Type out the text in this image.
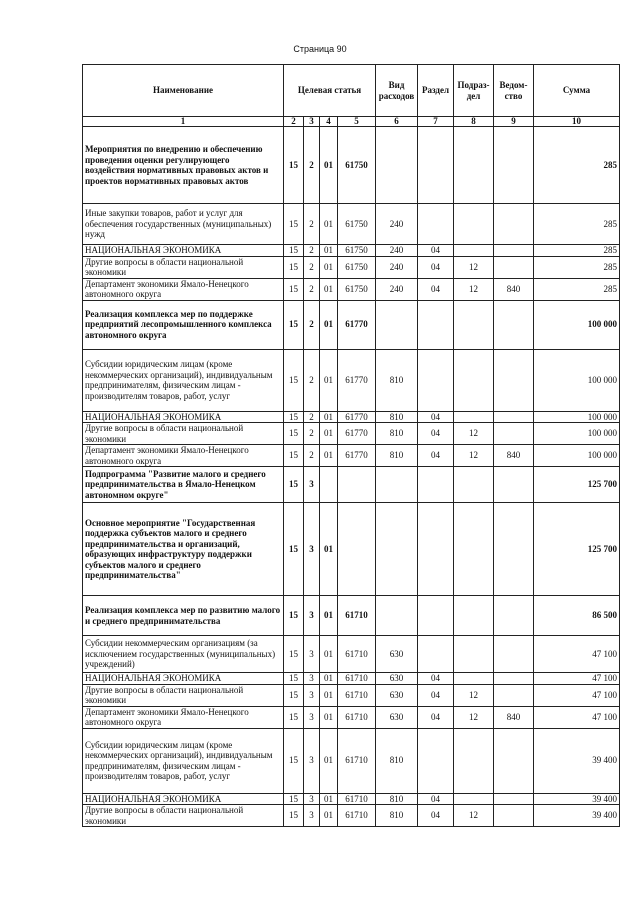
Страница 90
Наименование	Целевая статья				Вид расходов	Раздел	Подраз-дел	Ведом-ство	Сумма
1	2	3	4	5	6	7	8	9	10
Мероприятия по внедрению и обеспечению проведения оценки регулирующего воздействия нормативных правовых актов и проектов нормативных правовых актов	15	2	01	61750					285
Иные закупки товаров, работ и услуг для обеспечения государственных (муниципальных) нужд	15	2	01	61750	240				285
НАЦИОНАЛЬНАЯ ЭКОНОМИКА	15	2	01	61750	240	04			285
Другие вопросы в области национальной экономики	15	2	01	61750	240	04	12		285
Департамент экономики Ямало-Ненецкого автономного округа	15	2	01	61750	240	04	12	840	285
Реализация комплекса мер по поддержке предприятий лесопромышленного комплекса автономного округа	15	2	01	61770					100 000
Субсидии юридическим лицам (кроме некоммерческих организаций), индивидуальным предпринимателям, физическим лицам - производителям товаров, работ, услуг	15	2	01	61770	810				100 000
НАЦИОНАЛЬНАЯ ЭКОНОМИКА	15	2	01	61770	810	04			100 000
Другие вопросы в области национальной экономики	15	2	01	61770	810	04	12		100 000
Департамент экономики Ямало-Ненецкого автономного округа	15	2	01	61770	810	04	12	840	100 000
Подпрограмма "Развитие малого и среднего предпринимательства в Ямало-Ненецком автономном округе"	15	3							125 700
Основное мероприятие "Государственная поддержка субъектов малого и среднего предпринимательства и организаций, образующих инфраструктуру поддержки субъектов малого и среднего предпринимательства"	15	3	01						125 700
Реализация комплекса мер по развитию малого и среднего предпринимательства	15	3	01	61710					86 500
Субсидии некоммерческим организациям (за исключением государственных (муниципальных) учреждений)	15	3	01	61710	630				47 100
НАЦИОНАЛЬНАЯ ЭКОНОМИКА	15	3	01	61710	630	04			47 100
Другие вопросы в области национальной экономики	15	3	01	61710	630	04	12		47 100
Департамент экономики Ямало-Ненецкого автономного округа	15	3	01	61710	630	04	12	840	47 100
Субсидии юридическим лицам (кроме некоммерческих организаций), индивидуальным предпринимателям, физическим лицам - производителям товаров, работ, услуг	15	3	01	61710	810				39 400
НАЦИОНАЛЬНАЯ ЭКОНОМИКА	15	3	01	61710	810	04			39 400
Другие вопросы в области национальной экономики	15	3	01	61710	810	04	12		39 400
